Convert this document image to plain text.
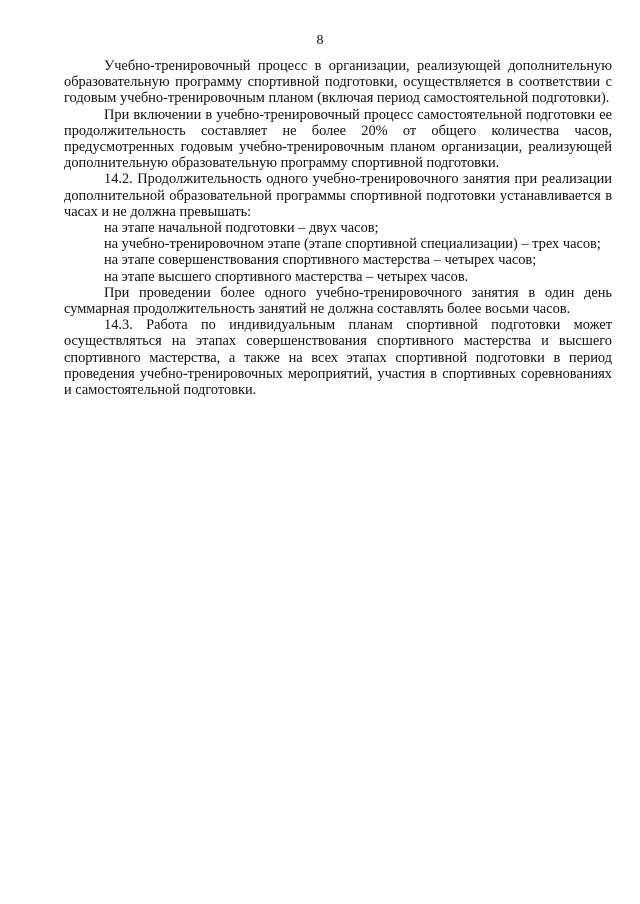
8

Учебно-тренировочный процесс в организации, реализующей дополнительную образовательную программу спортивной подготовки, осуществляется в соответствии с годовым учебно-тренировочным планом (включая период самостоятельной подготовки).

При включении в учебно-тренировочный процесс самостоятельной подготовки ее продолжительность составляет не более 20% от общего количества часов, предусмотренных годовым учебно-тренировочным планом организации, реализующей дополнительную образовательную программу спортивной подготовки.

14.2. Продолжительность одного учебно-тренировочного занятия при реализации дополнительной образовательной программы спортивной подготовки устанавливается в часах и не должна превышать:

на этапе начальной подготовки – двух часов;

на учебно-тренировочном этапе (этапе спортивной специализации) – трех часов;

на этапе совершенствования спортивного мастерства – четырех часов;

на этапе высшего спортивного мастерства – четырех часов.

При проведении более одного учебно-тренировочного занятия в один день суммарная продолжительность занятий не должна составлять более восьми часов.

14.3. Работа по индивидуальным планам спортивной подготовки может осуществляться на этапах совершенствования спортивного мастерства и высшего спортивного мастерства, а также на всех этапах спортивной подготовки в период проведения учебно-тренировочных мероприятий, участия в спортивных соревнованиях и самостоятельной подготовки.
